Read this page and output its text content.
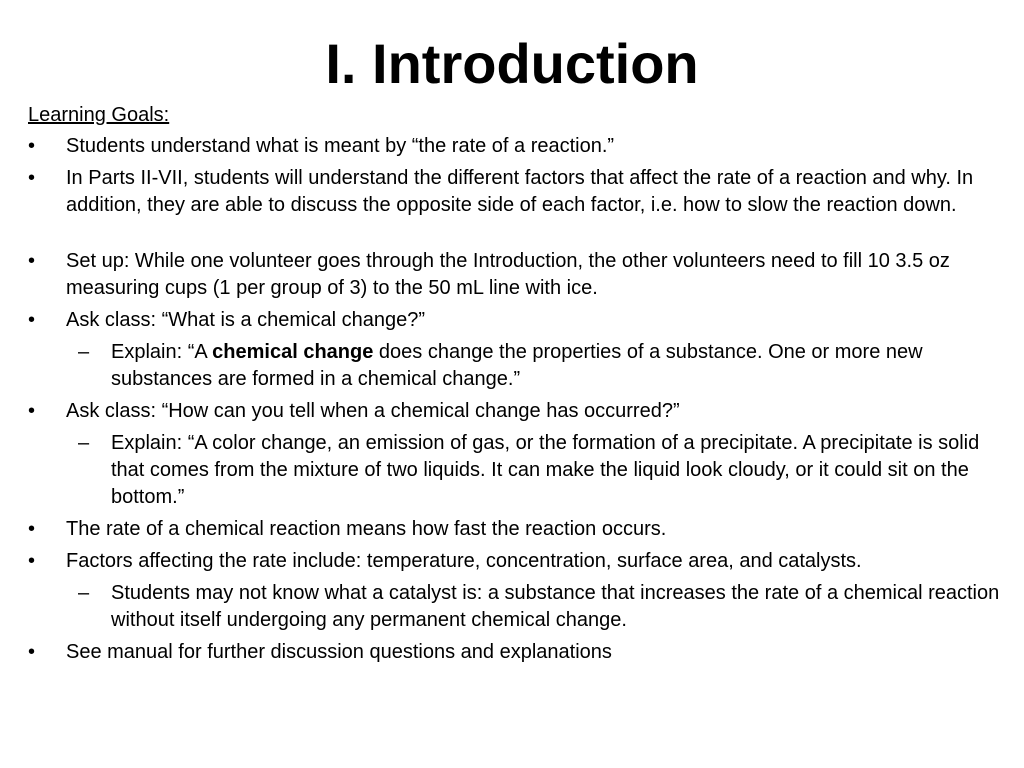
I. Introduction
Learning Goals:
•	Students understand what is meant by “the rate of a reaction.”
•	In Parts II-VII, students will understand the different factors that affect the rate of a reaction and why. In addition, they are able to discuss the opposite side of each factor, i.e. how to slow the reaction down.
•	Set up: While one volunteer goes through the Introduction, the other volunteers need to fill 10 3.5 oz measuring cups (1 per group of 3) to the 50 mL line with ice.
•	Ask class: “What is a chemical change?”
–	Explain: “A chemical change does change the properties of a substance. One or more new substances are formed in a chemical change.”
•	Ask class: “How can you tell when a chemical change has occurred?”
–	Explain: “A color change, an emission of gas, or the formation of a precipitate. A precipitate is solid that comes from the mixture of two liquids. It can make the liquid look cloudy, or it could sit on the bottom.”
•	The rate of a chemical reaction means how fast the reaction occurs.
•	Factors affecting the rate include: temperature, concentration, surface area, and catalysts.
–	Students may not know what a catalyst is: a substance that increases the rate of a chemical reaction without itself undergoing any permanent chemical change.
•	See manual for further discussion questions and explanations
